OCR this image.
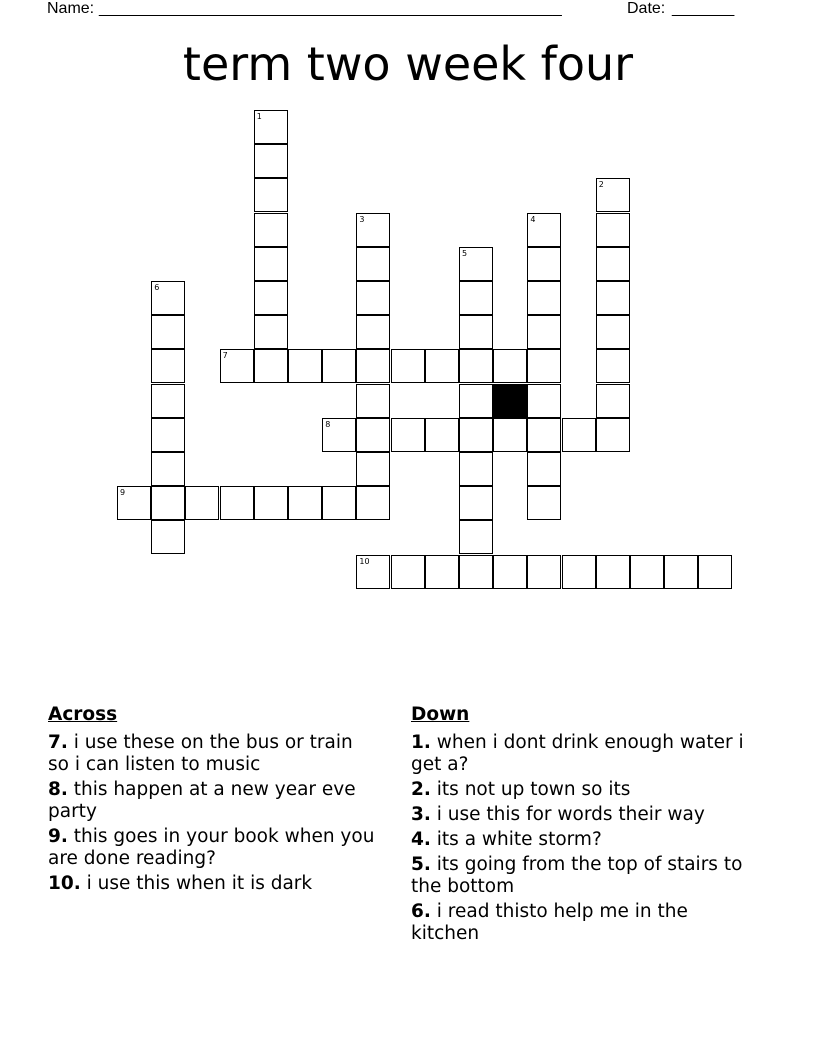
Name: ____________________________________________________	Date: _______
term two week four
1
2
3	4
5
6
7
8
9
10
Across
7. i use these on the bus or train so i can listen to music
8. this happen at a new year eve party
9. this goes in your book when you are done reading?
10. i use this when it is dark
Down
1. when i dont drink enough water i get a?
2. its not up town so its
3. i use this for words their way
4. its a white storm?
5. its going from the top of stairs to the bottom
6. i read thisto help me in the kitchen
